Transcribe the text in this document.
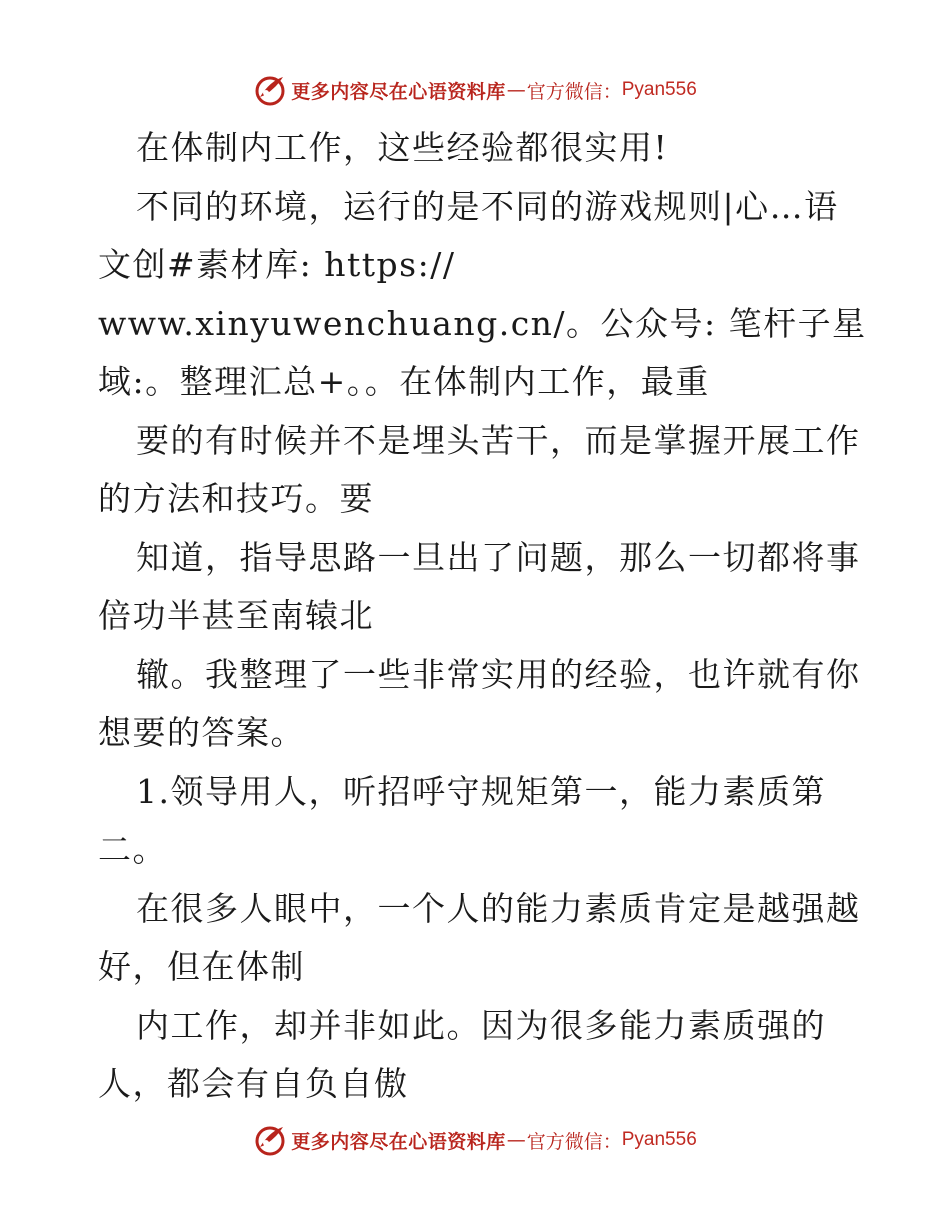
更多内容尽在心语资料库 — 官方微信： Pyan556
在体制内工作，这些经验都很实用!
不同的环境，运行的是不同的游戏规则|心…语
文创#素材库: https://
www.xinyuwenchuang.cn/。公众号: 笔杆子星
域:。整理汇总+。。在体制内工作，最重
要的有时候并不是埋头苦干，而是掌握开展工作
的方法和技巧。要
知道，指导思路一旦出了问题，那么一切都将事
倍功半甚至南辕北
辙。我整理了一些非常实用的经验，也许就有你
想要的答案。
1.领导用人，听招呼守规矩第一，能力素质第
二。
在很多人眼中，一个人的能力素质肯定是越强越
好，但在体制
内工作，却并非如此。因为很多能力素质强的
人，都会有自负自傲
更多内容尽在心语资料库 — 官方微信： Pyan556
